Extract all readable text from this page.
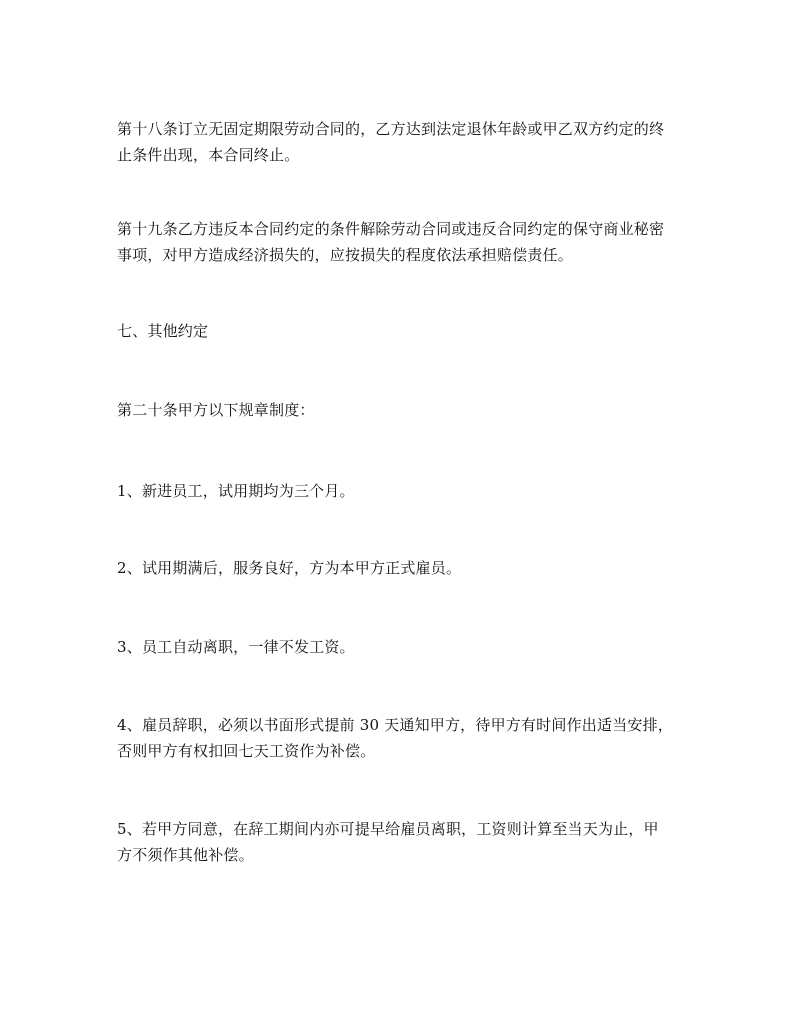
第十八条订立无固定期限劳动合同的，乙方达到法定退休年龄或甲乙双方约定的终
止条件出现，本合同终止。
第十九条乙方违反本合同约定的条件解除劳动合同或违反合同约定的保守商业秘密
事项，对甲方造成经济损失的，应按损失的程度依法承担赔偿责任。
七、其他约定
第二十条甲方以下规章制度：
1、新进员工，试用期均为三个月。
2、试用期满后，服务良好，方为本甲方正式雇员。
3、员工自动离职，一律不发工资。
4、雇员辞职，必须以书面形式提前 30 天通知甲方，待甲方有时间作出适当安排，
否则甲方有权扣回七天工资作为补偿。
5、若甲方同意，在辞工期间内亦可提早给雇员离职，工资则计算至当天为止，甲
方不须作其他补偿。
